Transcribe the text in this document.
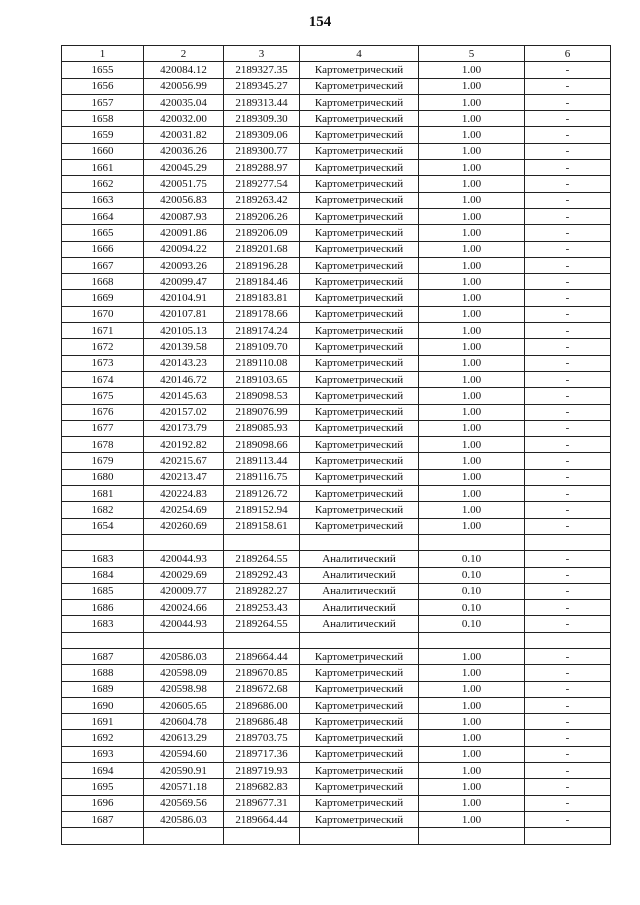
154
1	2	3	4	5	6
1655	420084.12	2189327.35	Картометрический	1.00	-
1656	420056.99	2189345.27	Картометрический	1.00	-
1657	420035.04	2189313.44	Картометрический	1.00	-
1658	420032.00	2189309.30	Картометрический	1.00	-
1659	420031.82	2189309.06	Картометрический	1.00	-
1660	420036.26	2189300.77	Картометрический	1.00	-
1661	420045.29	2189288.97	Картометрический	1.00	-
1662	420051.75	2189277.54	Картометрический	1.00	-
1663	420056.83	2189263.42	Картометрический	1.00	-
1664	420087.93	2189206.26	Картометрический	1.00	-
1665	420091.86	2189206.09	Картометрический	1.00	-
1666	420094.22	2189201.68	Картометрический	1.00	-
1667	420093.26	2189196.28	Картометрический	1.00	-
1668	420099.47	2189184.46	Картометрический	1.00	-
1669	420104.91	2189183.81	Картометрический	1.00	-
1670	420107.81	2189178.66	Картометрический	1.00	-
1671	420105.13	2189174.24	Картометрический	1.00	-
1672	420139.58	2189109.70	Картометрический	1.00	-
1673	420143.23	2189110.08	Картометрический	1.00	-
1674	420146.72	2189103.65	Картометрический	1.00	-
1675	420145.63	2189098.53	Картометрический	1.00	-
1676	420157.02	2189076.99	Картометрический	1.00	-
1677	420173.79	2189085.93	Картометрический	1.00	-
1678	420192.82	2189098.66	Картометрический	1.00	-
1679	420215.67	2189113.44	Картометрический	1.00	-
1680	420213.47	2189116.75	Картометрический	1.00	-
1681	420224.83	2189126.72	Картометрический	1.00	-
1682	420254.69	2189152.94	Картометрический	1.00	-
1654	420260.69	2189158.61	Картометрический	1.00	-

1683	420044.93	2189264.55	Аналитический	0.10	-
1684	420029.69	2189292.43	Аналитический	0.10	-
1685	420009.77	2189282.27	Аналитический	0.10	-
1686	420024.66	2189253.43	Аналитический	0.10	-
1683	420044.93	2189264.55	Аналитический	0.10	-

1687	420586.03	2189664.44	Картометрический	1.00	-
1688	420598.09	2189670.85	Картометрический	1.00	-
1689	420598.98	2189672.68	Картометрический	1.00	-
1690	420605.65	2189686.00	Картометрический	1.00	-
1691	420604.78	2189686.48	Картометрический	1.00	-
1692	420613.29	2189703.75	Картометрический	1.00	-
1693	420594.60	2189717.36	Картометрический	1.00	-
1694	420590.91	2189719.93	Картометрический	1.00	-
1695	420571.18	2189682.83	Картометрический	1.00	-
1696	420569.56	2189677.31	Картометрический	1.00	-
1687	420586.03	2189664.44	Картометрический	1.00	-
